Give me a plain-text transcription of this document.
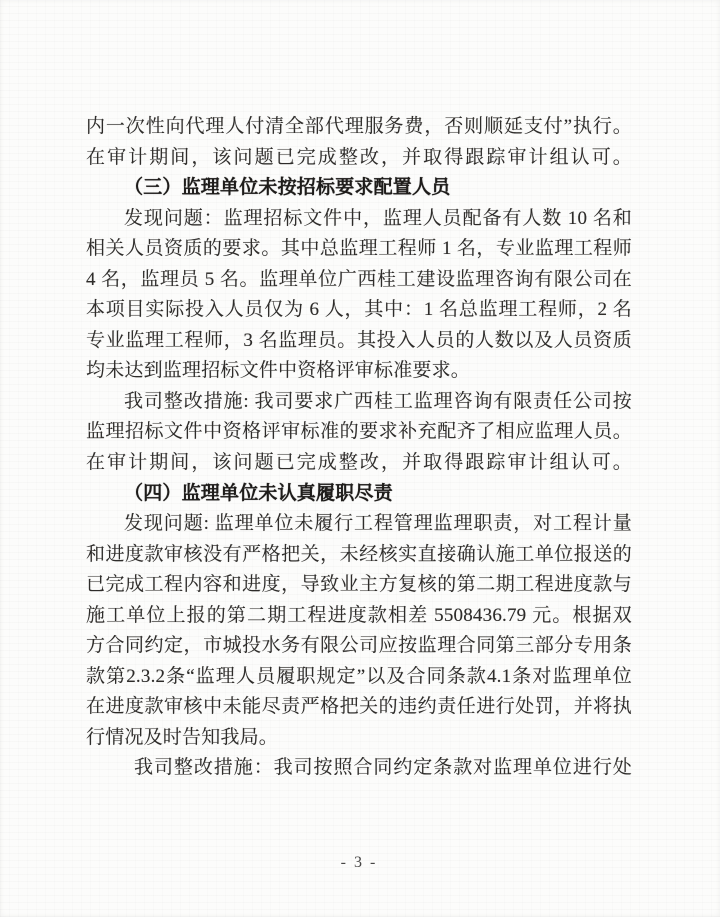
内一次性向代理人付清全部代理服务费，否则顺延支付”执行。
在审计期间，该问题已完成整改，并取得跟踪审计组认可。
（三）监理单位未按招标要求配置人员
发现问题：监理招标文件中，监理人员配备有人数 10 名和
相关人员资质的要求。其中总监理工程师 1 名，专业监理工程师
4 名，监理员 5 名。监理单位广西桂工建设监理咨询有限公司在
本项目实际投入人员仅为 6 人，其中：1 名总监理工程师，2 名
专业监理工程师，3 名监理员。其投入人员的人数以及人员资质
均未达到监理招标文件中资格评审标准要求。
我司整改措施: 我司要求广西桂工监理咨询有限责任公司按
监理招标文件中资格评审标准的要求补充配齐了相应监理人员。
在审计期间，该问题已完成整改，并取得跟踪审计组认可。
（四）监理单位未认真履职尽责
发现问题: 监理单位未履行工程管理监理职责，对工程计量
和进度款审核没有严格把关，未经核实直接确认施工单位报送的
已完成工程内容和进度，导致业主方复核的第二期工程进度款与
施工单位上报的第二期工程进度款相差 5508436.79 元。根据双
方合同约定，市城投水务有限公司应按监理合同第三部分专用条
款第2.3.2条“监理人员履职规定”以及合同条款4.1条对监理单位
在进度款审核中未能尽责严格把关的违约责任进行处罚，并将执
行情况及时告知我局。
我司整改措施：我司按照合同约定条款对监理单位进行处
- 3 -
